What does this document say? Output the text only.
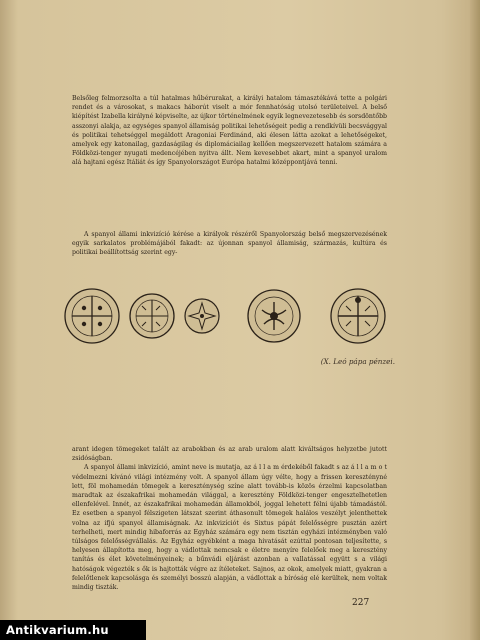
Belsőleg felmorzsolta a túl hatalmas hűbérurakat, a királyi hatalom támasztékává tette a polgári rendet és a városokat, s makacs háborút viselt a mór fennhatóság utolsó területeivel. A belső kiépítést Izabella királyné képviselte, az újkor történelmének egyik legnevezetesebb és sorsdöntőbb asszonyi alakja, az egységes spanyol államiság politikai lehetőségeit pedig a rendkívüli becsvággyal és politikai tehetséggel megáldott Aragoniai Ferdinánd, aki élesen látta azokat a lehetőségeket, amelyek egy katonailag, gazdaságilag és diplomáciailag kellően megszervezett hatalom számára a Földközi-tenger nyugati medencéjében nyitva állt. Nem kevesebbet akart, mint a spanyol uralom alá hajtani egész Itáliát és így Spanyolországot Európa hatalmi középpontjává tenni.

A spanyol állami inkvizíció kérése a királyok részéről Spanyolország belső megszervezésének egyik sarkalatos problémájából fakadt: az újonnan spanyol államiság, származás, kultúra és politikai beállítottság szerint egy-

(X. Leó pápa pénzei.

arant idegen tömegeket talált az arabokban és az arab uralom alatt kiváltságos helyzetbe jutott zsidóságban.

A spanyol állami inkvizíció, amint neve is mutatja, az á l l a m érdekéből fakadt s az á l l a m o t védelmezni kívánó világi intézmény volt. A spanyol állam úgy vélte, hogy a frissen keresztényné lett, föl mohamedán tömegek a kereszténység színe alatt tovább-is közös érzelmi kapcsolatban maradtak az északafrikai mohamedán világgal, a keresztény Földközi-tenger engesztelhetetlen ellenfelével. Innét, az északafrikai mohamedán államokból, joggal lehetett félni újabb támadástól. Ez esetben a spanyol félszigeten látszat szerint áthasonult tömegek halálos veszélyt jelenthettek volna az ifjú spanyol államiságnak. Az inkvizíciót és Sixtus pápát felelősségre pusztán azért terhelheti, mert mindig hibaforrás az Egyház számára egy nem tisztán egyházi intézményben való túlságos felelősségvállalás. Az Egyház egyébként a maga hivatását ezúttal pontosan teljesítette, s helyesen állapította meg, hogy a vádlottak nemcsak e életre menyíre felelőek meg a keresztény tanítás és élet követelményeinek; a bűnvádi eljárást azonban a vallatással együtt s a világi hatóságok végezték s ők is hajtották végre az ítéleteket. Sajnos, az okok, amelyek miatt, gyakran a felelőtlenek kapcsolásga és személyi bosszú alapján, a vádlottak a bíróság elé kerültek, nem voltak mindig tiszták.

227
Antikvarium.hu
